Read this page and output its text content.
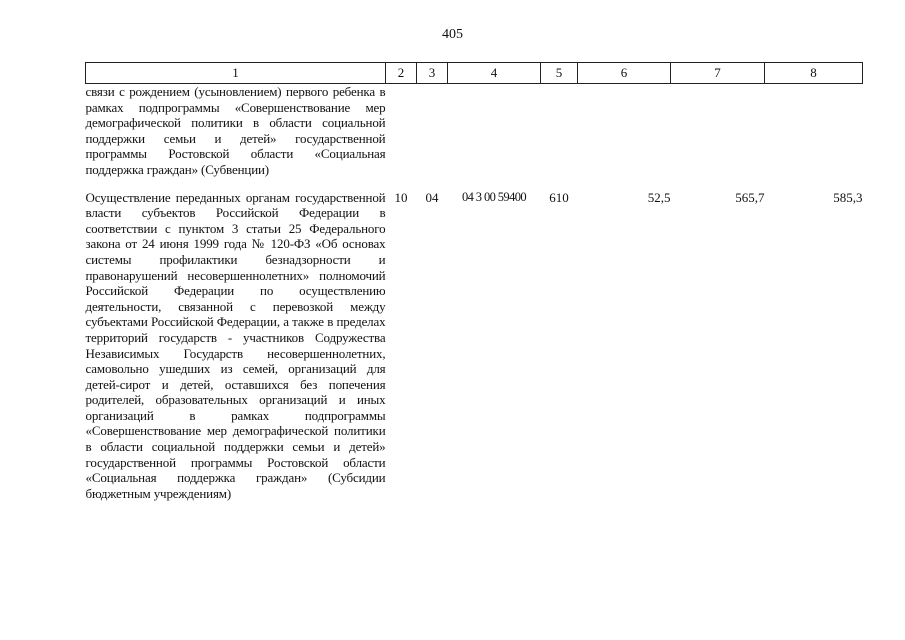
405
1	2	3	4	5	6	7	8
связи с рождением (усыновлением) первого ребенка в рамках подпрограммы «Совершенствование мер демографической политики в области социальной поддержки семьи и детей» государственной программы Ростовской области «Социальная поддержка граждан» (Субвенции)							
Осуществление переданных органам государственной власти субъектов Российской Федерации в соответствии с пунктом 3 статьи 25 Федерального закона от 24 июня 1999 года № 120-ФЗ «Об основах системы профилактики безнадзорности и правонарушений несовершеннолетних» полномочий Российской Федерации по осуществлению деятельности, связанной с перевозкой между субъектами Российской Федерации, а также в пределах территорий государств - участников Содружества Независимых Государств несовершеннолетних, самовольно ушедших из семей, организаций для детей-сирот и детей, оставшихся без попечения родителей, образовательных организаций и иных организаций в рамках подпрограммы «Совершенствование мер демографической политики в области социальной поддержки семьи и детей» государственной программы Ростовской области «Социальная поддержка граждан» (Субсидии бюджетным учреждениям)	10	04	04 3 00 59400	610	52,5	565,7	585,3
